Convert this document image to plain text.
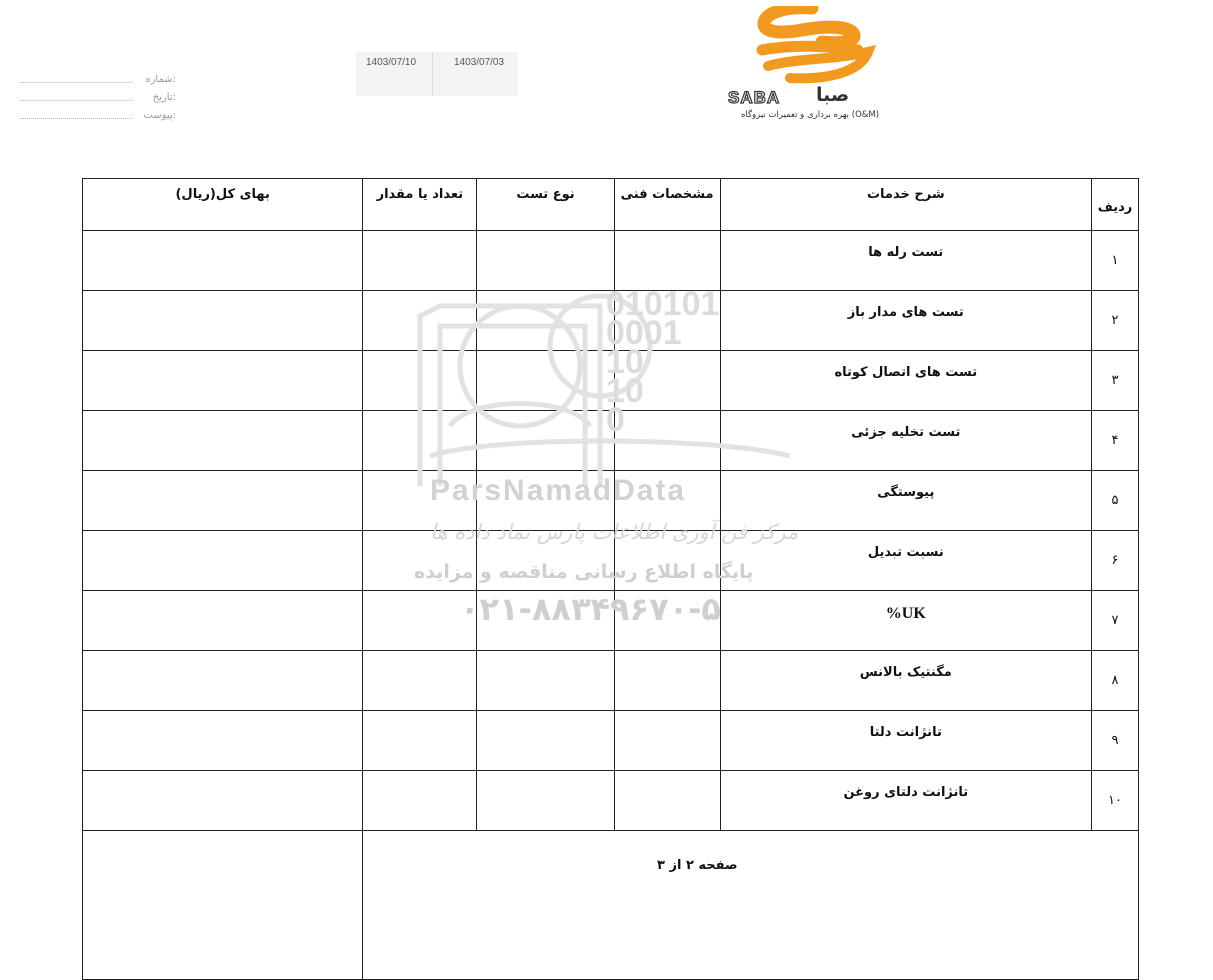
شماره:
تاریخ:
پیوست:
1403/07/10	1403/07/03
SABA صبا
بهره برداری و تعمیرات نیروگاه (O&M)
ردیف	شرح خدمات	مشخصات فنی	نوع تست	تعداد یا مقدار	بهای کل(ریال)
۱	تست رله ها				
۲	تست های مدار باز				
۳	تست های اتصال کوتاه				
۴	تست تخلیه جزئی				
۵	پیوستگی				
۶	نسبت تبدیل				
۷	UK%				
۸	مگنتیک بالانس				
۹	تانژانت دلتا				
۱۰	تانژانت دلتای روغن				

010101
0001
10
10
0
ParsNamadData
مرکز فن آوری اطلاعات پارس نماد داده ها
پایگاه اطلاع رسانی مناقصه و مزایده
۰۲۱-۸۸۳۴۹۶۷۰-۵
صفحه ۲ از ۳
